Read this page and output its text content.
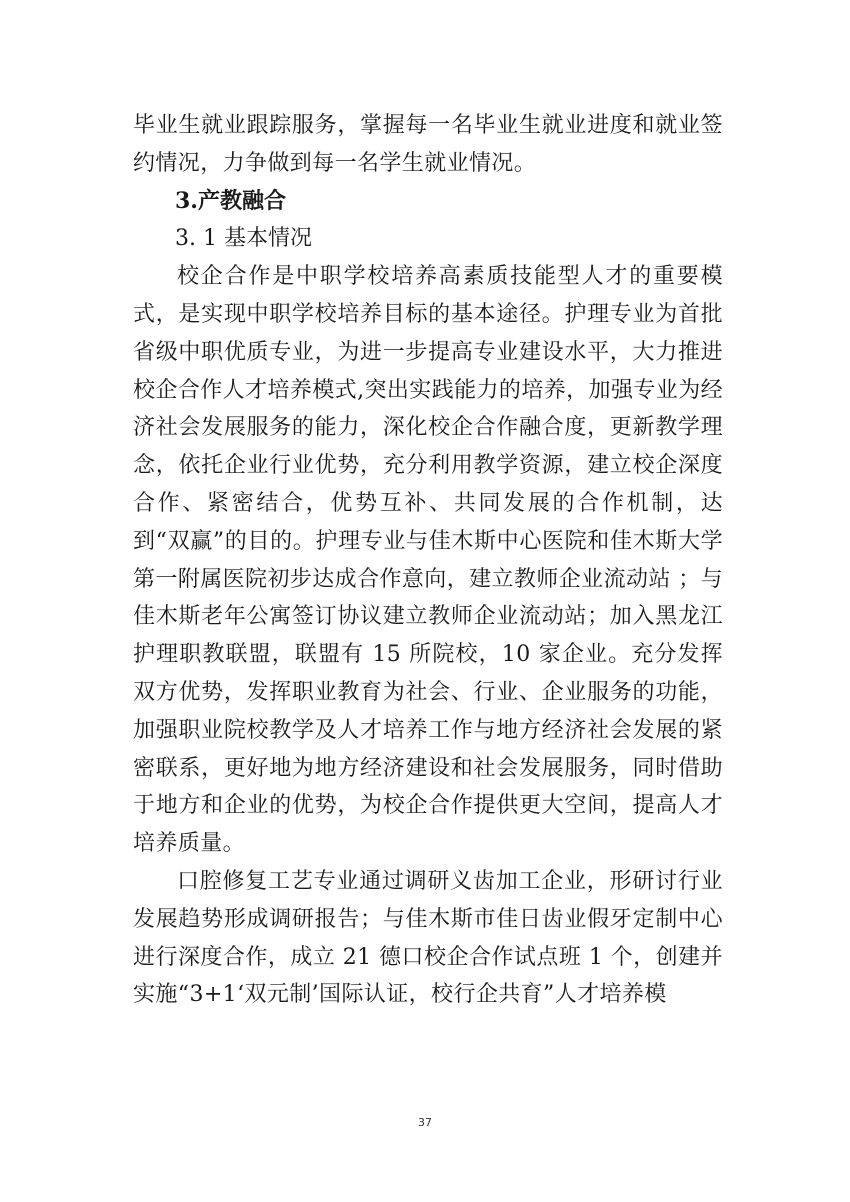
毕业生就业跟踪服务，掌握每一名毕业生就业进度和就业签约情况，力争做到每一名学生就业情况。

3.产教融合

3. 1 基本情况

校企合作是中职学校培养高素质技能型人才的重要模式，是实现中职学校培养目标的基本途径。护理专业为首批省级中职优质专业，为进一步提高专业建设水平，大力推进校企合作人才培养模式,突出实践能力的培养，加强专业为经济社会发展服务的能力，深化校企合作融合度，更新教学理念，依托企业行业优势，充分利用教学资源，建立校企深度合作、紧密结合，优势互补、共同发展的合作机制，达到“双赢”的目的。护理专业与佳木斯中心医院和佳木斯大学第一附属医院初步达成合作意向，建立教师企业流动站 ；与佳木斯老年公寓签订协议建立教师企业流动站；加入黑龙江护理职教联盟，联盟有 15 所院校，10 家企业。充分发挥双方优势，发挥职业教育为社会、行业、企业服务的功能，加强职业院校教学及人才培养工作与地方经济社会发展的紧密联系，更好地为地方经济建设和社会发展服务，同时借助于地方和企业的优势，为校企合作提供更大空间，提高人才培养质量。

口腔修复工艺专业通过调研义齿加工企业，形研讨行业发展趋势形成调研报告；与佳木斯市佳日齿业假牙定制中心进行深度合作，成立 21 德口校企合作试点班 1 个，创建并实施“3+1‘双元制’国际认证，校行企共育”人才培养模

37
